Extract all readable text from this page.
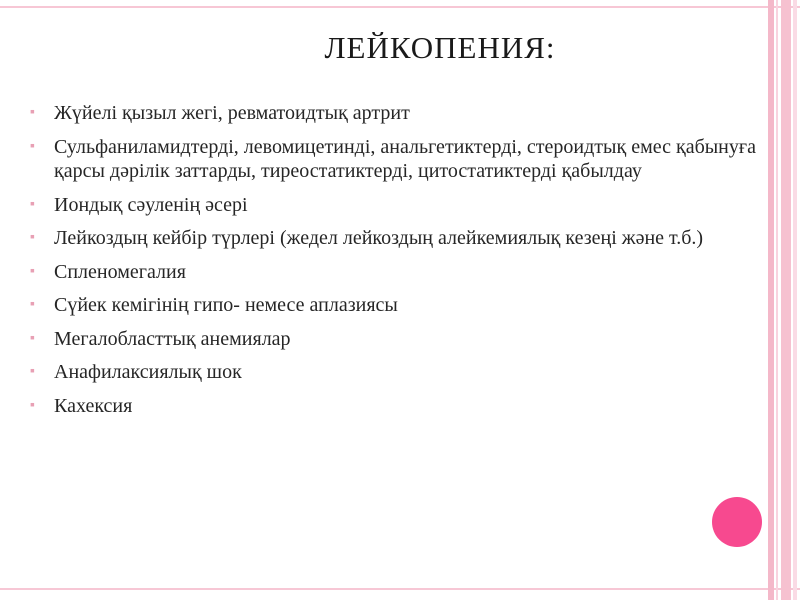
ЛЕЙКОПЕНИЯ:
▪ Жүйелі қызыл жегі, ревматоидтық артрит
▪ Сульфаниламидтерді, левомицетинді, анальгетиктерді, стероидтық емес қабынуға қарсы дәрілік заттарды, тиреостатиктерді, цитостатиктерді қабылдау
▪ Иондық сәуленің әсері
▪ Лейкоздың кейбір түрлері (жедел лейкоздың алейкемиялық кезеңі және т.б.)
▪ Спленомегалия
▪ Сүйек кемігінің гипо- немесе аплазиясы
▪ Мегалобласттық анемиялар
▪ Анафилаксиялық шок
▪ Кахексия
